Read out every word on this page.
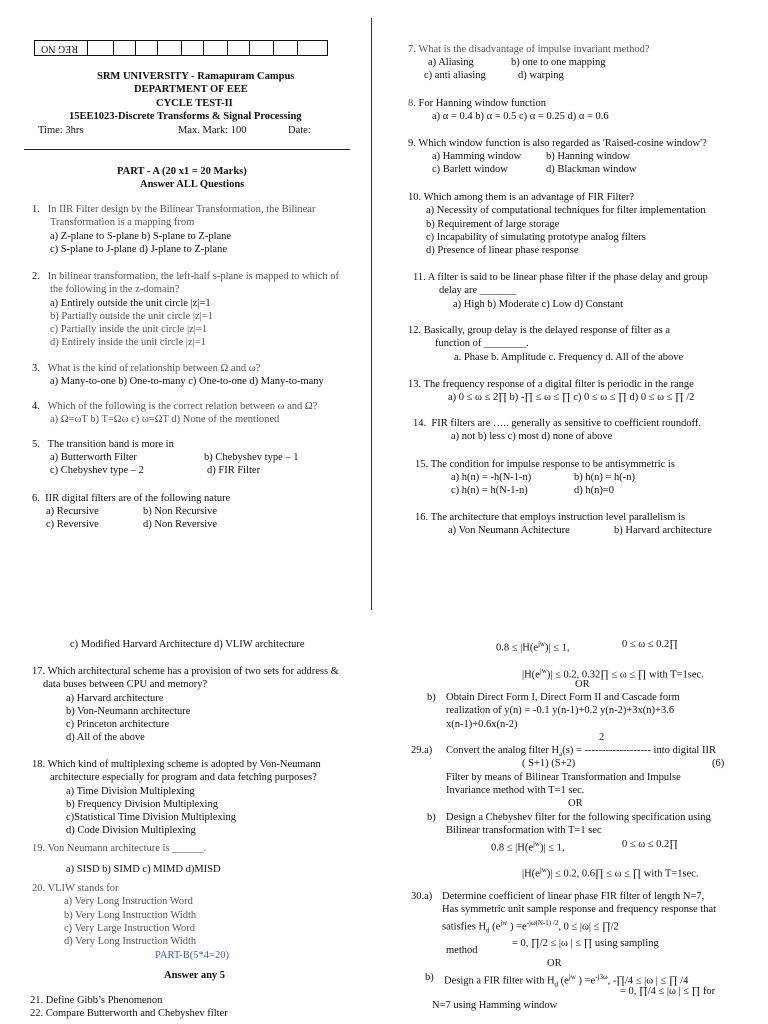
REG NO
SRM UNIVERSITY - Ramapuram Campus
DEPARTMENT OF EEE
CYCLE TEST-II
15EE1023-Discrete Transforms & Signal Processing
Time: 3hrs	Max. Mark: 100	Date:
PART - A (20 x1 = 20 Marks)
Answer ALL Questions
1. In IIR Filter design by the Bilinear Transformation, the Bilinear
Transformation is a mapping from
a) Z-plane to S-plane b) S-plane to Z-plane
c) S-plane to J-plane d) J-plane to Z-plane
2. In bilinear transformation, the left-half s-plane is mapped to which of
the following in the z-domain?
a) Entirely outside the unit circle |z|=1
b) Partially outside the unit circle |z|=1
c) Partially inside the unit circle |z|=1
d) Entirely inside the unit circle |z|=1
3. What is the kind of relationship between Ω and ω?
a) Many-to-one b) One-to-many c) One-to-one d) Many-to-many
4. Which of the following is the correct relation between ω and Ω?
a) Ω=ωT b) T=Ωω c) ω=ΩT d) None of the mentioned
5. The transition band is more in
a) Butterworth Filter	b) Chebyshev type – 1
c) Chebyshev type – 2	d) FIR Filter
6. IIR digital filters are of the following nature
a) Recursive	b) Non Recursive
c) Reversive	d) Non Reversive
7. What is the disadvantage of impulse invariant method?
a) Aliasing	b) one to one mapping
c) anti aliasing	d) warping
8. For Hanning window function
a) α = 0.4 b) α = 0.5 c) α = 0.25 d) α = 0.6
9. Which window function is also regarded as 'Raised-cosine window'?
a) Hamming window b) Hanning window
c) Barlett window	d) Blackman window
10. Which among them is an advantage of FIR Filter?
a) Necessity of computational techniques for filter implementation
b) Requirement of large storage
c) Incapability of simulating prototype analog filters
d) Presence of linear phase response
11. A filter is said to be linear phase filter if the phase delay and group
delay are _______
a) High b) Moderate c) Low d) Constant
12. Basically, group delay is the delayed response of filter as a
function of ________.
a. Phase b. Amplitude c. Frequency d. All of the above
13. The frequency response of a digital filter is periodic in the range
a) 0 ≤ ω ≤ 2∏ b) -∏ ≤ ω ≤ ∏ c) 0 ≤ ω ≤ ∏ d) 0 ≤ ω ≤ ∏ /2
14. FIR filters are ….. generally as sensitive to coefficient roundoff.
a) not b) less c) most d) none of above
15. The condition for impulse response to be antisymmetric is
a) h(n) = -h(N-1-n)	b) h(n) = h(-n)
c) h(n) = h(N-1-n)	d) h(n)=0
16. The architecture that employs instruction level parallelism is
a) Von Neumann Achitecture	b) Harvard architecture
c) Modified Harvard Architecture d) VLIW architecture
17. Which architectural scheme has a provision of two sets for address &
data buses between CPU and memory?
a) Harvard architecture
b) Von-Neumann architecture
c) Princeton architecture
d) All of the above
18. Which kind of multiplexing scheme is adopted by Von-Neumann
architecture especially for program and data fetching purposes?
a) Time Division Multiplexing
b) Frequency Division Multiplexing
c)Statistical Time Division Multiplexing
d) Code Division Multiplexing
19. Von Neumann architecture is ______.
a) SISD b) SIMD c) MIMD d)MISD
20. VLIW stands for
a) Very Long Instruction Word
b) Very Long Instruction Width
c) Very Large Instruction Word
d) Very Long Instruction Width
PART-B(5*4=20)
Answer any 5
21. Define Gibb’s Phenomenon
22. Compare Butterworth and Chebyshev filter
$0.8 \le |H(e^{jw})| \le 1$,	0 ≤ ω ≤ 0.2∏
$|H(e^{jw})| \le 0.2$, 0.32∏ ≤ ω ≤ ∏ with T=1sec.
OR
b) Obtain Direct Form I, Direct Form II and Cascade form
realization of y(n) = -0.1 y(n-1)+0.2 y(n-2)+3x(n)+3.6
x(n-1)+0.6x(n-2)
2
29.a) Convert the analog filter $H_a(s)$ = ------------------- into digital IIR
( S+1) (S+2)	(6)
Filter by means of Bilinear Transformation and Impulse
Invariance method with T=1 sec.
OR
b) Design a Chebyshev filter for the following specification using
Bilinear transformation with T=1 sec
$0.8 \le |H(e^{jw})| \le 1$,	0 ≤ ω ≤ 0.2∏
$|H(e^{jw})| \le 0.2$, 0.6∏ ≤ ω ≤ ∏ with T=1sec.
30.a) Determine coefficient of linear phase FIR filter of length N=7,
Has symmetric unit sample response and frequency response that
satisfies $H_d$ ($e^{jw}$ ) $=e^{-j\omega(N-1) /2}$, 0 ≤ |ω| ≤ ∏/2
= 0, ∏/2 ≤ |ω | ≤ ∏ using sampling
method
OR
b) Design a FIR filter with $H_d$ ($e^{jw}$ ) $=e^{-j3\omega}$, -∏/4 ≤ |ω | ≤ ∏ /4
= 0, ∏/4 ≤ |ω | ≤ ∏ for
N=7 using Hamming window
